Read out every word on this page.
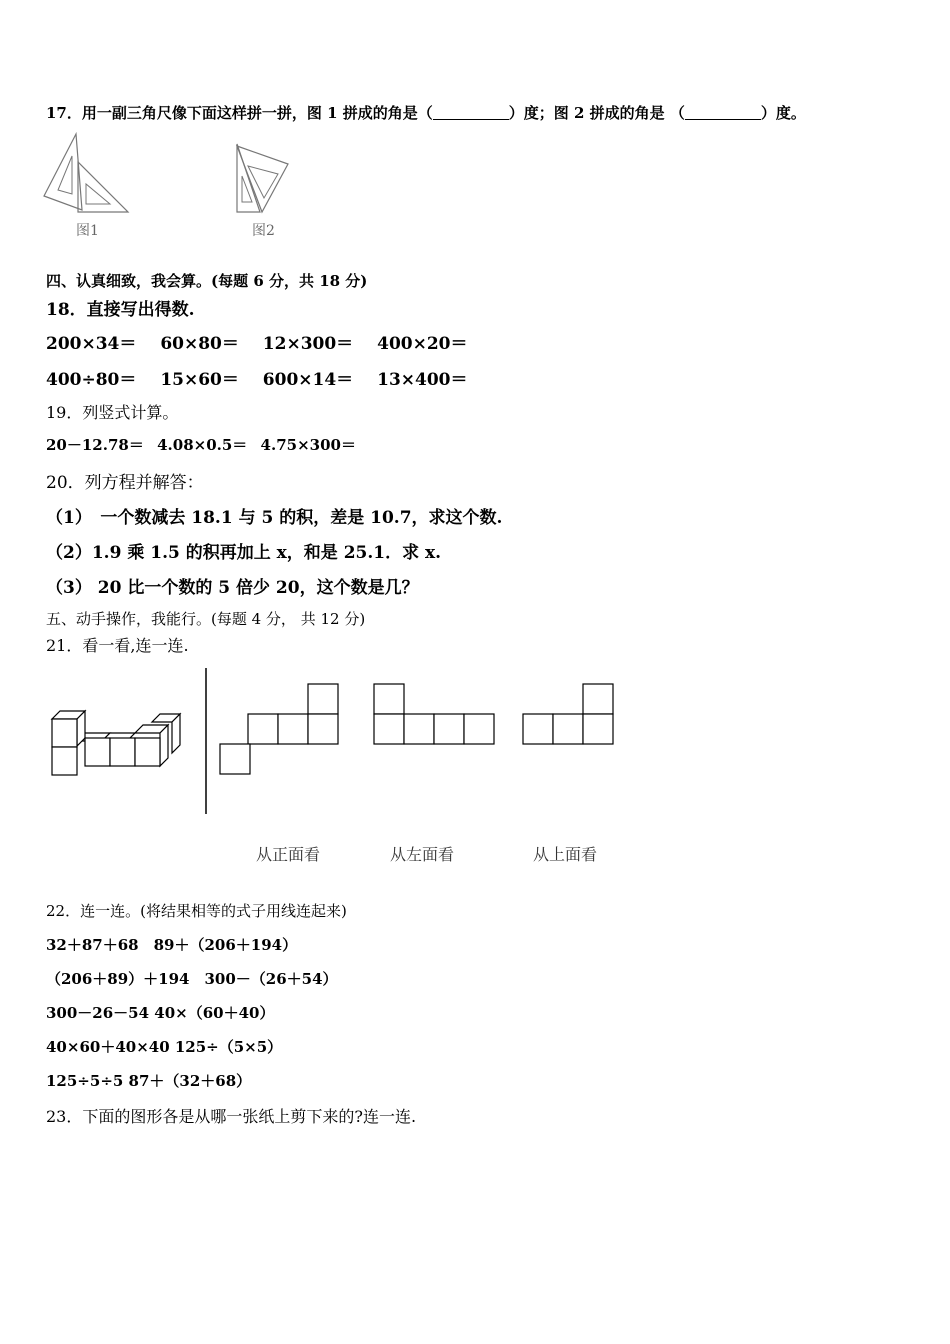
17．用一副三角尺像下面这样拼一拼，图 1 拼成的角是（	）度；图 2 拼成的角是 （	）度。
图1	图2
四、认真细致，我会算。(每题 6 分，共 18 分)
18．直接写出得数.
200×34＝ 60×80＝ 12×300＝ 400×20＝
400÷80＝ 15×60＝ 600×14＝ 13×400＝
19．列竖式计算。
20－12.78＝ 4.08×0.5＝ 4.75×300＝
20．列方程并解答：
（1）　一个数减去 18.1 与 5 的积，差是 10.7，求这个数.
（2）1.9 乘 1.5 的积再加上 x，和是 25.1．求 x.
（3） 20 比一个数的 5 倍少 20，这个数是几？
五、动手操作，我能行。(每题 4 分， 共 12 分)
21．看一看,连一连.
从正面看	从左面看	从上面看
22．连一连。(将结果相等的式子用线连起来)
32＋87＋68　89＋（206＋194）
（206＋89）＋194　300－（26＋54）
300－26－54 40×（60＋40）
40×60＋40×40 125÷（5×5）
125÷5÷5 87＋（32＋68）
23．下面的图形各是从哪一张纸上剪下来的?连一连.
